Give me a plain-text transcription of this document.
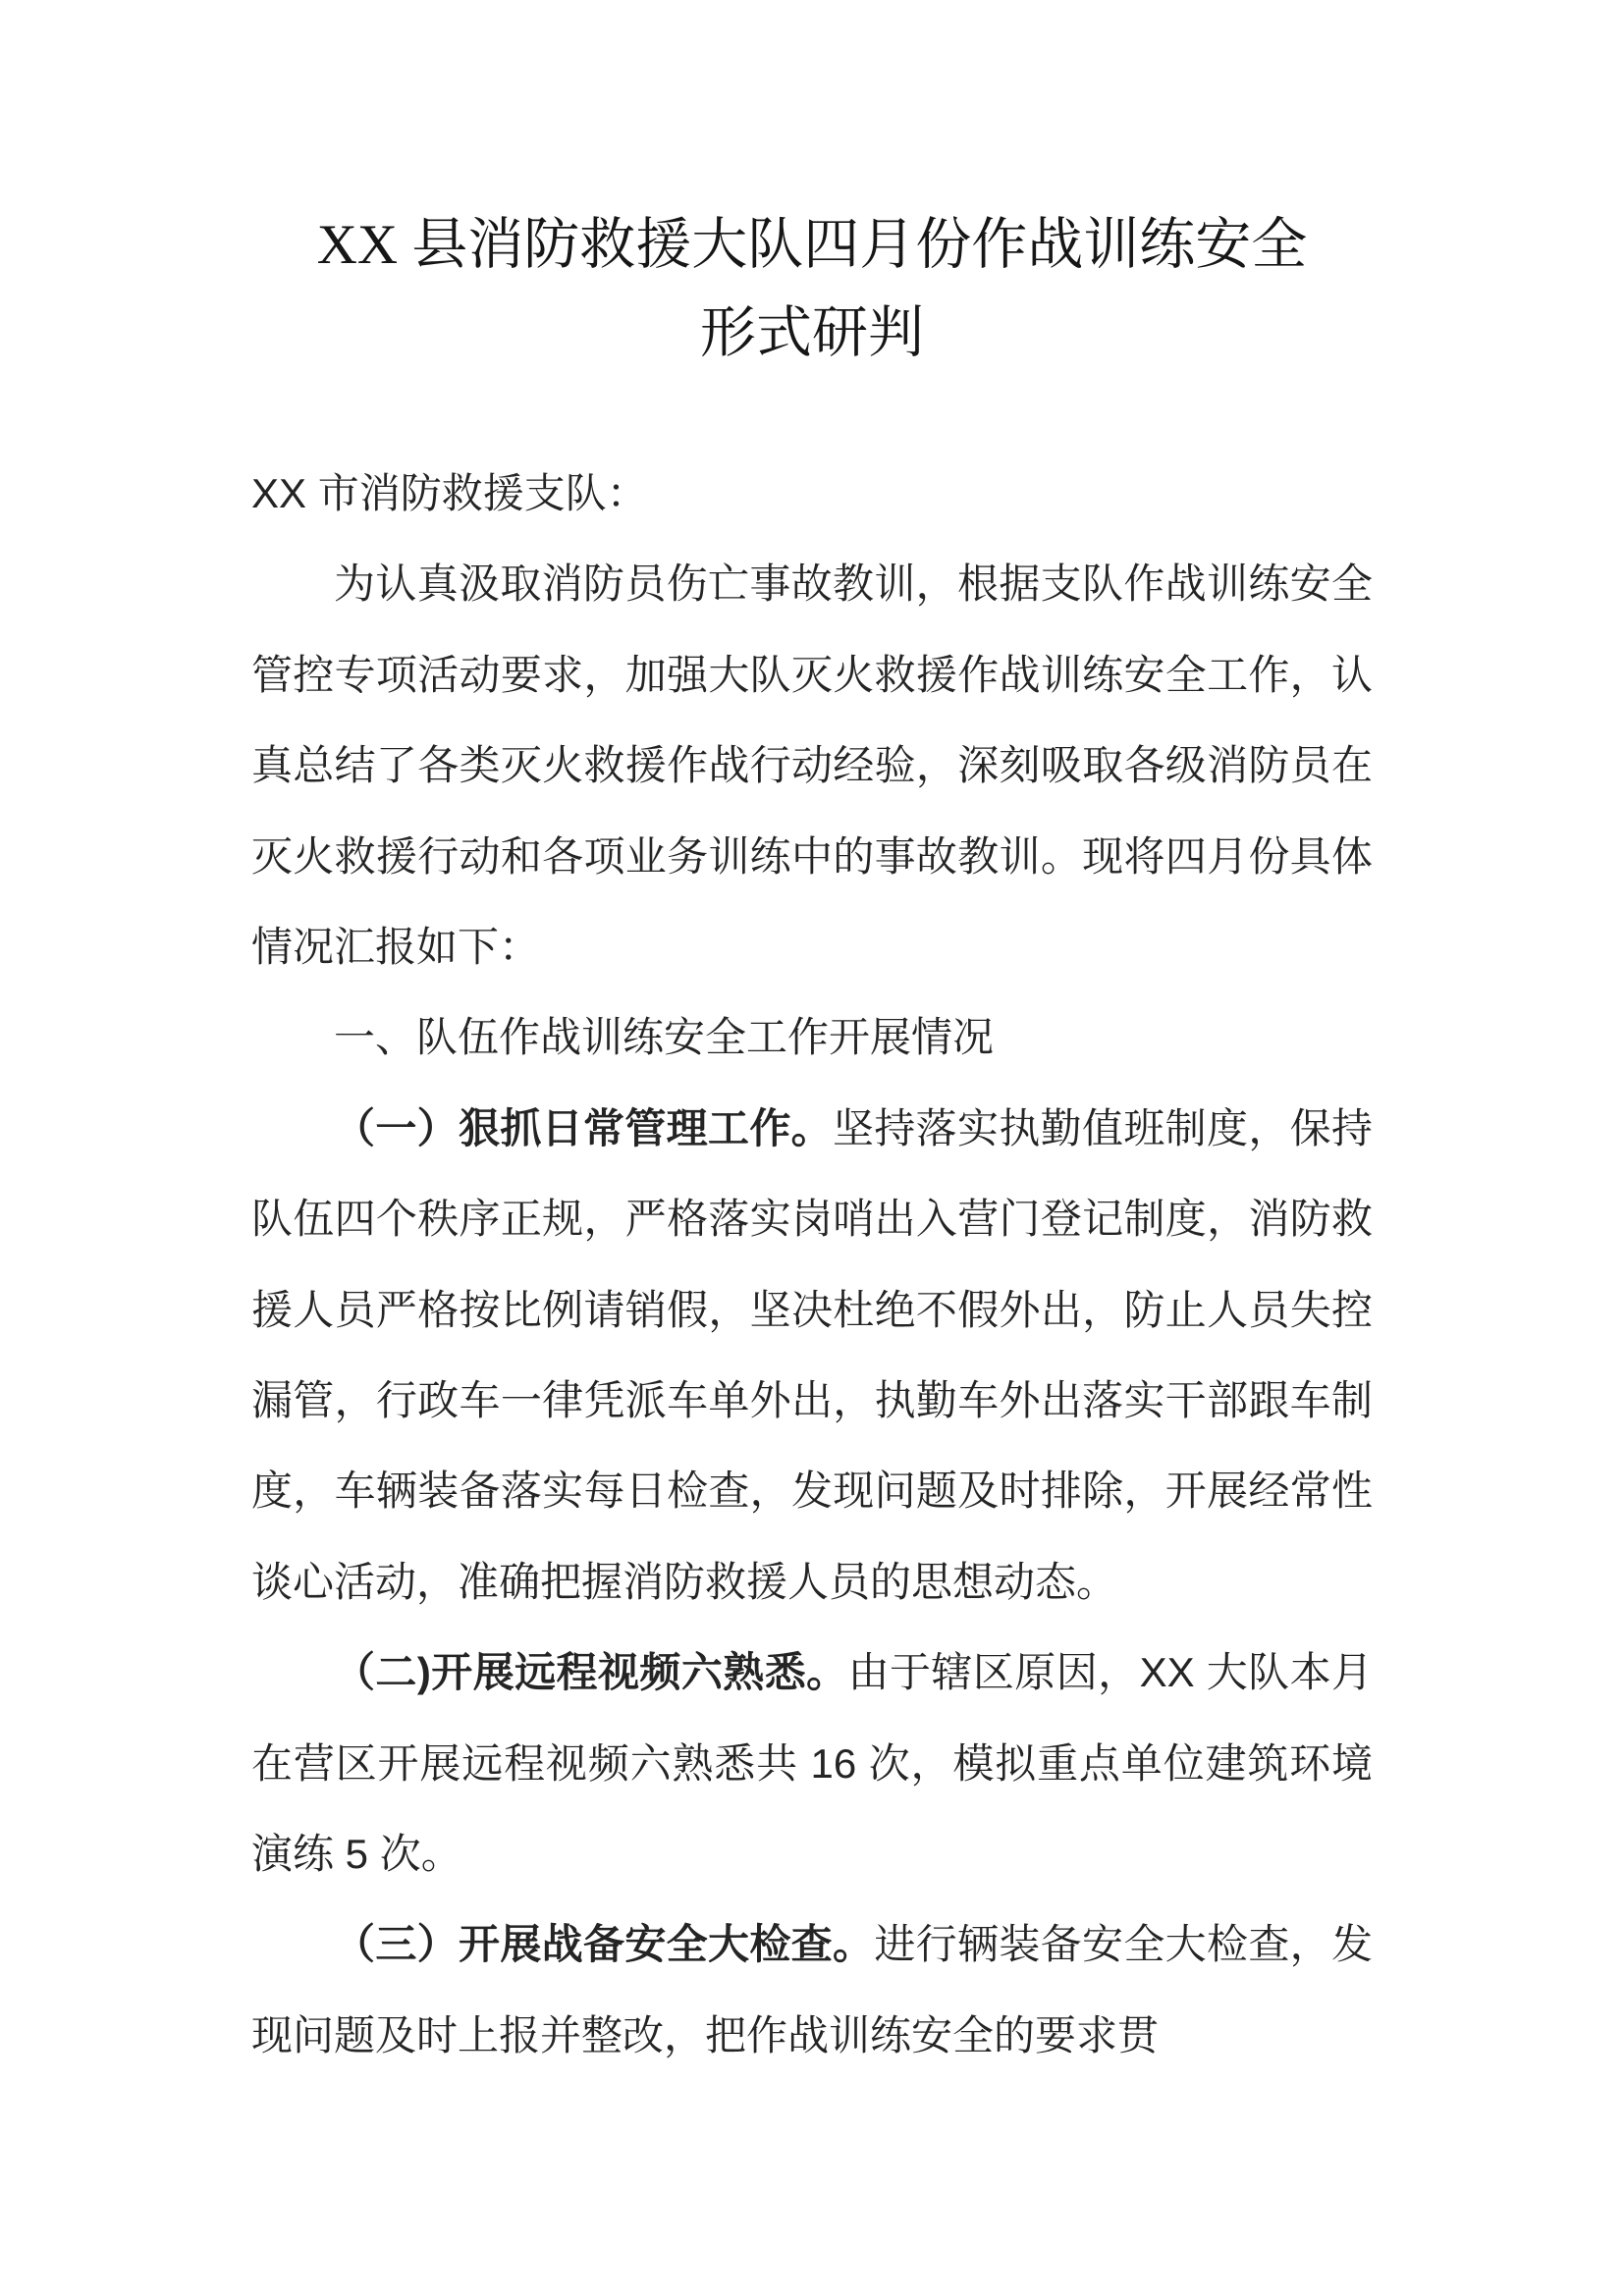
XX 县消防救援大队四月份作战训练安全
形式研判

XX 市消防救援支队：

为认真汲取消防员伤亡事故教训，根据支队作战训练安全管控专项活动要求，加强大队灭火救援作战训练安全工作，认真总结了各类灭火救援作战行动经验，深刻吸取各级消防员在灭火救援行动和各项业务训练中的事故教训。现将四月份具体情况汇报如下：

一、队伍作战训练安全工作开展情况

（一）狠抓日常管理工作。坚持落实执勤值班制度，保持队伍四个秩序正规，严格落实岗哨出入营门登记制度，消防救援人员严格按比例请销假，坚决杜绝不假外出，防止人员失控漏管，行政车一律凭派车单外出，执勤车外出落实干部跟车制度，车辆装备落实每日检查，发现问题及时排除，开展经常性谈心活动，准确把握消防救援人员的思想动态。

（二)开展远程视频六熟悉。由于辖区原因，XX 大队本月在营区开展远程视频六熟悉共 16 次，模拟重点单位建筑环境演练 5 次。

（三）开展战备安全大检查。进行辆装备安全大检查，发现问题及时上报并整改，把作战训练安全的要求贯
